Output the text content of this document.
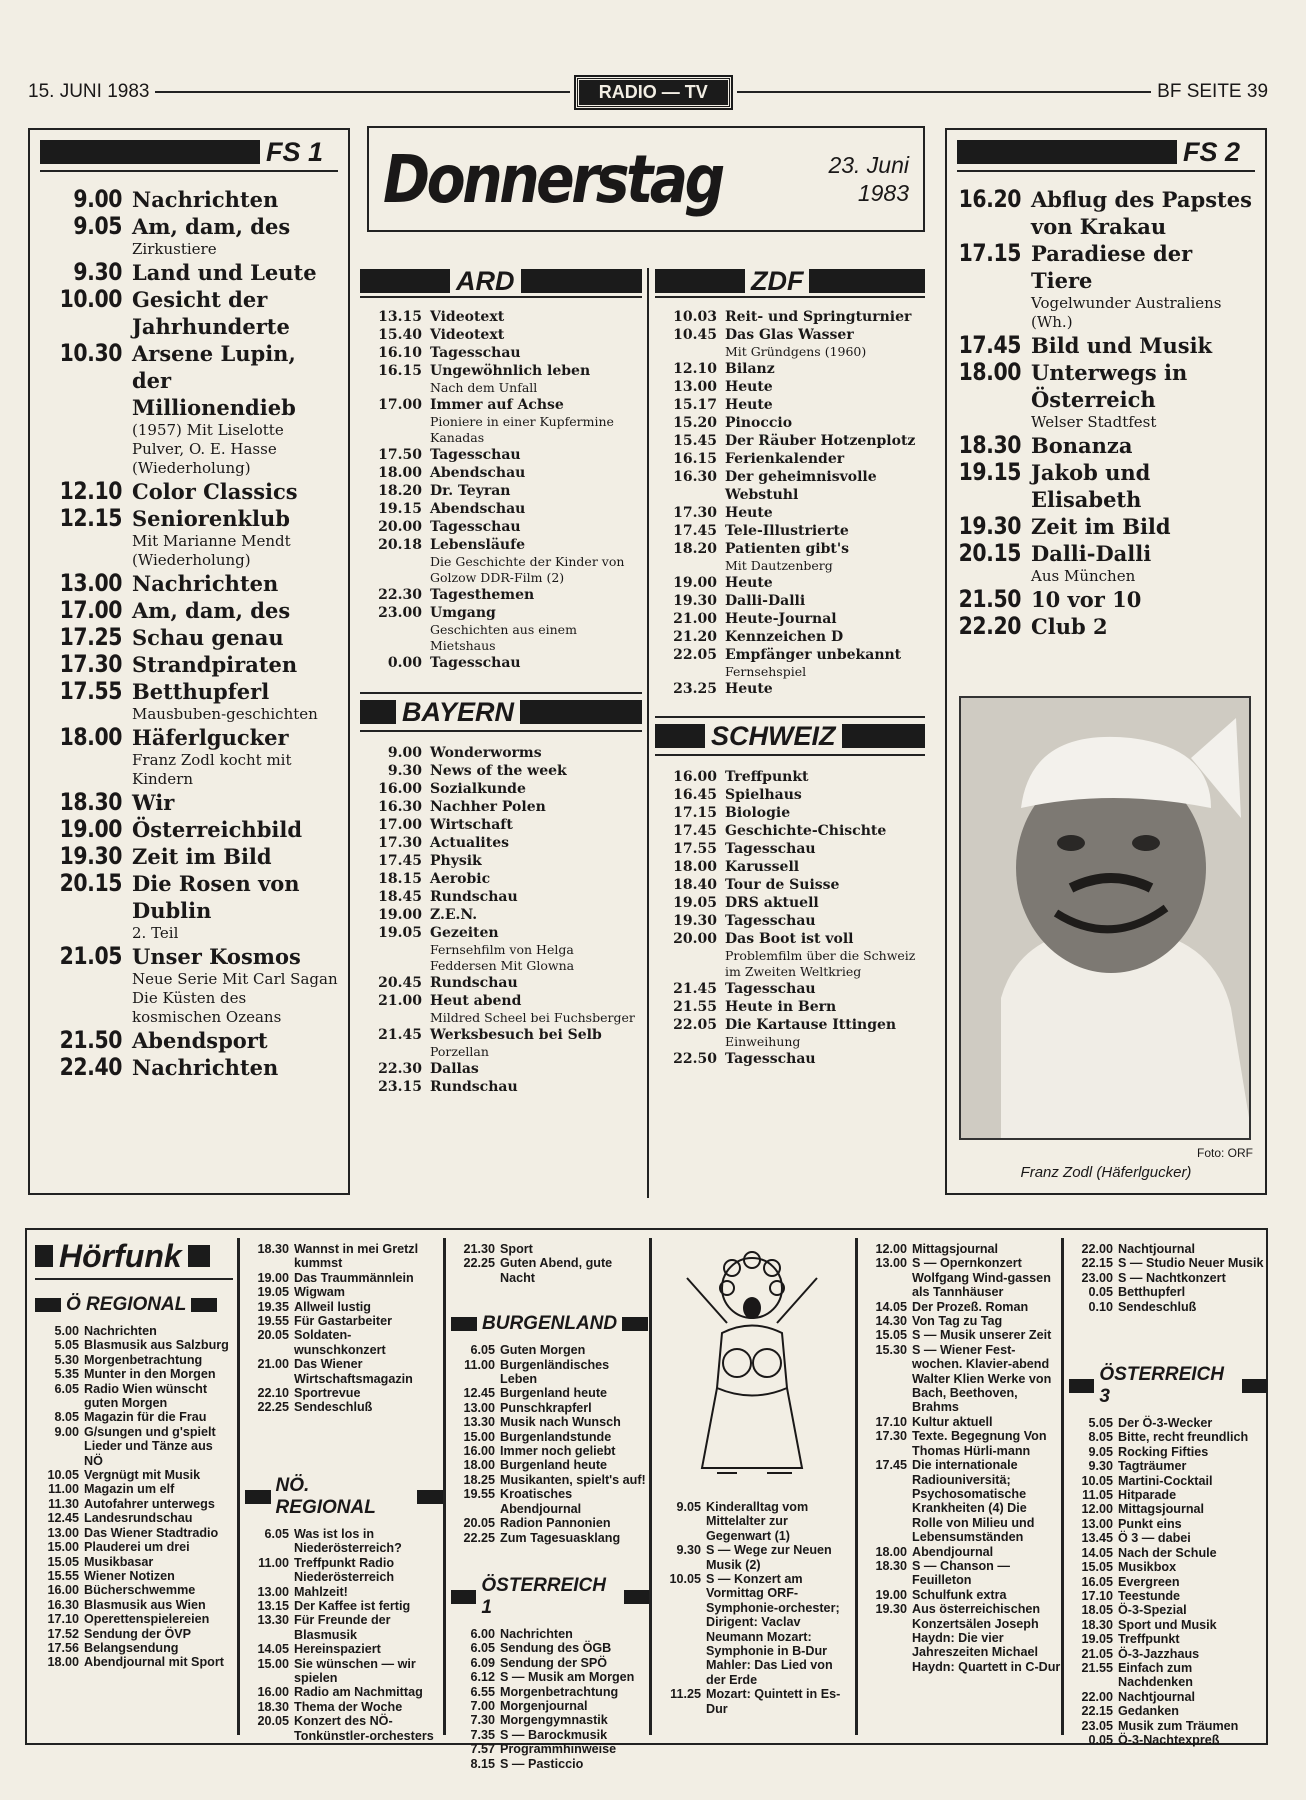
15. JUNI 1983	RADIO — TV	BF SEITE 39
FS 1
9.00 Nachrichten
9.05 Am, dam, des
Zirkustiere
9.30 Land und Leute
10.00 Gesicht der Jahrhunderte
10.30 Arsene Lupin, der Millionendieb
(1957) Mit Liselotte Pulver, O. E. Hasse (Wiederholung)
12.10 Color Classics
12.15 Seniorenklub
Mit Marianne Mendt (Wiederholung)
13.00 Nachrichten
17.00 Am, dam, des
17.25 Schau genau
17.30 Strandpiraten
17.55 Betthupferl
Mausbuben-geschichten
18.00 Häferlgucker
Franz Zodl kocht mit Kindern
18.30 Wir
19.00 Österreichbild
19.30 Zeit im Bild
20.15 Die Rosen von Dublin
2. Teil
21.05 Unser Kosmos
Neue Serie Mit Carl Sagan Die Küsten des kosmischen Ozeans
21.50 Abendsport
22.40 Nachrichten
Donnerstag	23. Juni
1983
ARD
13.15 Videotext
15.40 Videotext
16.10 Tagesschau
16.15 Ungewöhnlich leben
Nach dem Unfall
17.00 Immer auf Achse
Pioniere in einer Kupfermine Kanadas
17.50 Tagesschau
18.00 Abendschau
18.20 Dr. Teyran
19.15 Abendschau
20.00 Tagesschau
20.18 Lebensläufe
Die Geschichte der Kinder von Golzow DDR-Film (2)
22.30 Tagesthemen
23.00 Umgang
Geschichten aus einem Mietshaus
0.00 Tagesschau
BAYERN
9.00 Wonderworms
9.30 News of the week
16.00 Sozialkunde
16.30 Nachher Polen
17.00 Wirtschaft
17.30 Actualites
17.45 Physik
18.15 Aerobic
18.45 Rundschau
19.00 Z.E.N.
19.05 Gezeiten
Fernsehfilm von Helga Feddersen Mit Glowna
20.45 Rundschau
21.00 Heut abend
Mildred Scheel bei Fuchsberger
21.45 Werksbesuch bei Selb
Porzellan
22.30 Dallas
23.15 Rundschau
ZDF
10.03 Reit- und Springturnier
10.45 Das Glas Wasser
Mit Gründgens (1960)
12.10 Bilanz
13.00 Heute
15.17 Heute
15.20 Pinoccio
15.45 Der Räuber Hotzenplotz
16.15 Ferienkalender
16.30 Der geheimnisvolle Webstuhl
17.30 Heute
17.45 Tele-Illustrierte
18.20 Patienten gibt's
Mit Dautzenberg
19.00 Heute
19.30 Dalli-Dalli
21.00 Heute-Journal
21.20 Kennzeichen D
22.05 Empfänger unbekannt
Fernsehspiel
23.25 Heute
SCHWEIZ
16.00 Treffpunkt
16.45 Spielhaus
17.15 Biologie
17.45 Geschichte-Chischte
17.55 Tagesschau
18.00 Karussell
18.40 Tour de Suisse
19.05 DRS aktuell
19.30 Tagesschau
20.00 Das Boot ist voll
Problemfilm über die Schweiz im Zweiten Weltkrieg
21.45 Tagesschau
21.55 Heute in Bern
22.05 Die Kartause Ittingen
Einweihung
22.50 Tagesschau
FS 2
16.20 Abflug des Papstes von Krakau
17.15 Paradiese der Tiere
Vogelwunder Australiens (Wh.)
17.45 Bild und Musik
18.00 Unterwegs in Österreich
Welser Stadtfest
18.30 Bonanza
19.15 Jakob und Elisabeth
19.30 Zeit im Bild
20.15 Dalli-Dalli
Aus München
21.50 10 vor 10
22.20 Club 2
Foto: ORF
Franz Zodl (Häferlgucker)
Hörfunk
Ö REGIONAL
5.00 Nachrichten
5.05 Blasmusik aus Salzburg
5.30 Morgenbetrachtung
5.35 Munter in den Morgen
6.05 Radio Wien wünscht guten Morgen
8.05 Magazin für die Frau
9.00 G/sungen und g'spielt Lieder und Tänze aus NÖ
10.05 Vergnügt mit Musik
11.00 Magazin um elf
11.30 Autofahrer unterwegs
12.45 Landesrundschau
13.00 Das Wiener Stadtradio
15.00 Plauderei um drei
15.05 Musikbasar
15.55 Wiener Notizen
16.00 Bücherschwemme
16.30 Blasmusik aus Wien
17.10 Operettenspielereien
17.52 Sendung der ÖVP
17.56 Belangsendung
18.00 Abendjournal mit Sport
18.30 Wannst in mei Gretzl kummst
19.00 Das Traummännlein
19.05 Wigwam
19.35 Allweil lustig
19.55 Für Gastarbeiter
20.05 Soldaten-wunschkonzert
21.00 Das Wiener Wirtschaftsmagazin
22.10 Sportrevue
22.25 Sendeschluß
NÖ. REGIONAL
6.05 Was ist los in Niederösterreich?
11.00 Treffpunkt Radio Niederösterreich
13.00 Mahlzeit!
13.15 Der Kaffee ist fertig
13.30 Für Freunde der Blasmusik
14.05 Hereinspaziert
15.00 Sie wünschen — wir spielen
16.00 Radio am Nachmittag
18.30 Thema der Woche
20.05 Konzert des NÖ-Tonkünstler-orchesters
21.30 Sport
22.25 Guten Abend, gute Nacht
BURGENLAND
6.05 Guten Morgen
11.00 Burgenländisches Leben
12.45 Burgenland heute
13.00 Punschkrapferl
13.30 Musik nach Wunsch
15.00 Burgenlandstunde
16.00 Immer noch geliebt
18.00 Burgenland heute
18.25 Musikanten, spielt's auf!
19.55 Kroatisches Abendjournal
20.05 Radion Pannonien
22.25 Zum Tagesuasklang
ÖSTERREICH 1
6.00 Nachrichten
6.05 Sendung des ÖGB
6.09 Sendung der SPÖ
6.12 S — Musik am Morgen
6.55 Morgenbetrachtung
7.00 Morgenjournal
7.30 Morgengymnastik
7.35 S — Barockmusik
7.57 Programmhinweise
8.15 S — Pasticcio
9.05 Kinderalltag vom Mittelalter zur Gegenwart (1)
9.30 S — Wege zur Neuen Musik (2)
10.05 S — Konzert am Vormittag ORF-Symphonie-orchester; Dirigent: Vaclav Neumann Mozart: Symphonie in B-Dur Mahler: Das Lied von der Erde
11.25 Mozart: Quintett in Es-Dur
12.00 Mittagsjournal
13.00 S — Opernkonzert Wolfgang Wind-gassen als Tannhäuser
14.05 Der Prozeß. Roman
14.30 Von Tag zu Tag
15.05 S — Musik unserer Zeit
15.30 S — Wiener Fest-wochen. Klavier-abend Walter Klien Werke von Bach, Beethoven, Brahms
17.10 Kultur aktuell
17.30 Texte. Begegnung Von Thomas Hürli-mann
17.45 Die internationale Radiouniversitä; Psychosomatische Krankheiten (4) Die Rolle von Milieu und Lebensumständen
18.00 Abendjournal
18.30 S — Chanson — Feuilleton
19.00 Schulfunk extra
19.30 Aus österreichischen Konzertsälen Joseph Haydn: Die vier Jahreszeiten Michael Haydn: Quartett in C-Dur
22.00 Nachtjournal
22.15 S — Studio Neuer Musik
23.00 S — Nachtkonzert
0.05 Betthupferl
0.10 Sendeschluß
ÖSTERREICH 3
5.05 Der Ö-3-Wecker
8.05 Bitte, recht freundlich
9.05 Rocking Fifties
9.30 Tagträumer
10.05 Martini-Cocktail
11.05 Hitparade
12.00 Mittagsjournal
13.00 Punkt eins
13.45 Ö 3 — dabei
14.05 Nach der Schule
15.05 Musikbox
16.05 Evergreen
17.10 Teestunde
18.05 Ö-3-Spezial
18.30 Sport und Musik
19.05 Treffpunkt
21.05 Ö-3-Jazzhaus
21.55 Einfach zum Nachdenken
22.00 Nachtjournal
22.15 Gedanken
23.05 Musik zum Träumen
0.05 Ö-3-Nachtexpreß
